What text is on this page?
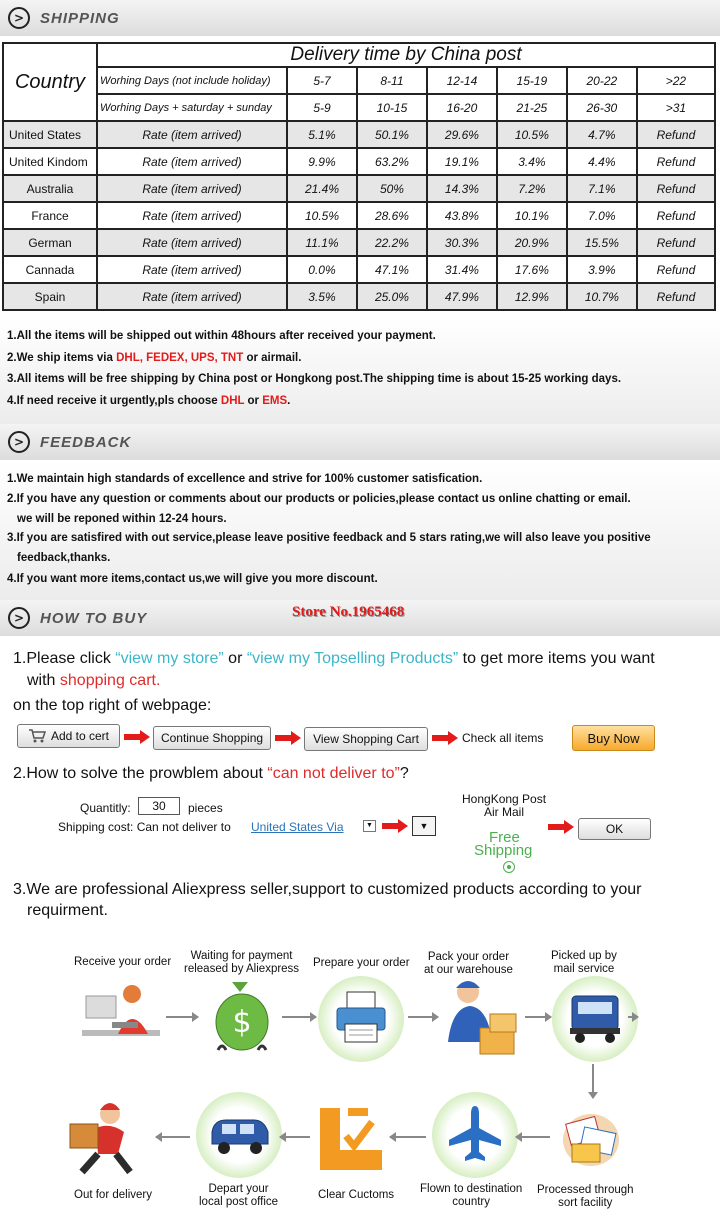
>	SHIPPING
Country	Delivery time by China post						
	Worhing Days (not include holiday)	5-7	8-11	12-14	15-19	20-22	>22
	Worhing Days + saturday + sunday	5-9	10-15	16-20	21-25	26-30	>31
United States	Rate (item arrived)	5.1%	50.1%	29.6%	10.5%	4.7%	Refund
United Kindom	Rate (item arrived)	9.9%	63.2%	19.1%	3.4%	4.4%	Refund
Australia	Rate (item arrived)	21.4%	50%	14.3%	7.2%	7.1%	Refund
France	Rate (item arrived)	10.5%	28.6%	43.8%	10.1%	7.0%	Refund
German	Rate (item arrived)	11.1%	22.2%	30.3%	20.9%	15.5%	Refund
Cannada	Rate (item arrived)	0.0%	47.1%	31.4%	17.6%	3.9%	Refund
Spain	Rate (item arrived)	3.5%	25.0%	47.9%	12.9%	10.7%	Refund
1.All the items will be shipped out within 48hours after received your payment.
2.We ship items via DHL, FEDEX, UPS, TNT or airmail.
3.All items will be free shipping by China post or Hongkong post.The shipping time is about 15-25 working days.
4.If need receive it urgently,pls choose DHL or EMS.
>	FEEDBACK
1.We maintain high standards of excellence and strive for 100% customer satisfication.
2.If you have any question or comments about our products or policies,please contact us online chatting or email.
we will be reponed within 12-24 hours.
3.If you are satisfired with out service,please leave positive feedback and 5 stars rating,we will also leave you positive
feedback,thanks.
4.If you want more items,contact us,we will give you more discount.
>	HOW TO BUY	Store No.1965468
1.Please click “view my store” or “view my Topselling Products” to get more items you want
with shopping cart.
on the top right of webpage:
Add to cert	Continue Shopping	View Shopping Cart	Check all items	Buy Now
2.How to solve the prowblem about “can not deliver to”?
Quantitly:	30	pieces
Shipping cost: Can not deliver to United States Via	▼	▼
HongKong Post
Air Mail
Free
Shipping
OK
3.We are professional Aliexpress seller,support to customized products according to your
requirment.
Receive your order	Waiting for payment
released by Aliexpress Prepare your order	Pack your order
at our warehouse
Picked up by
mail service
$
Out for delivery	Depart your
local post office
Clear Cuctoms Flown to destination
country
Processed through
sort facility
